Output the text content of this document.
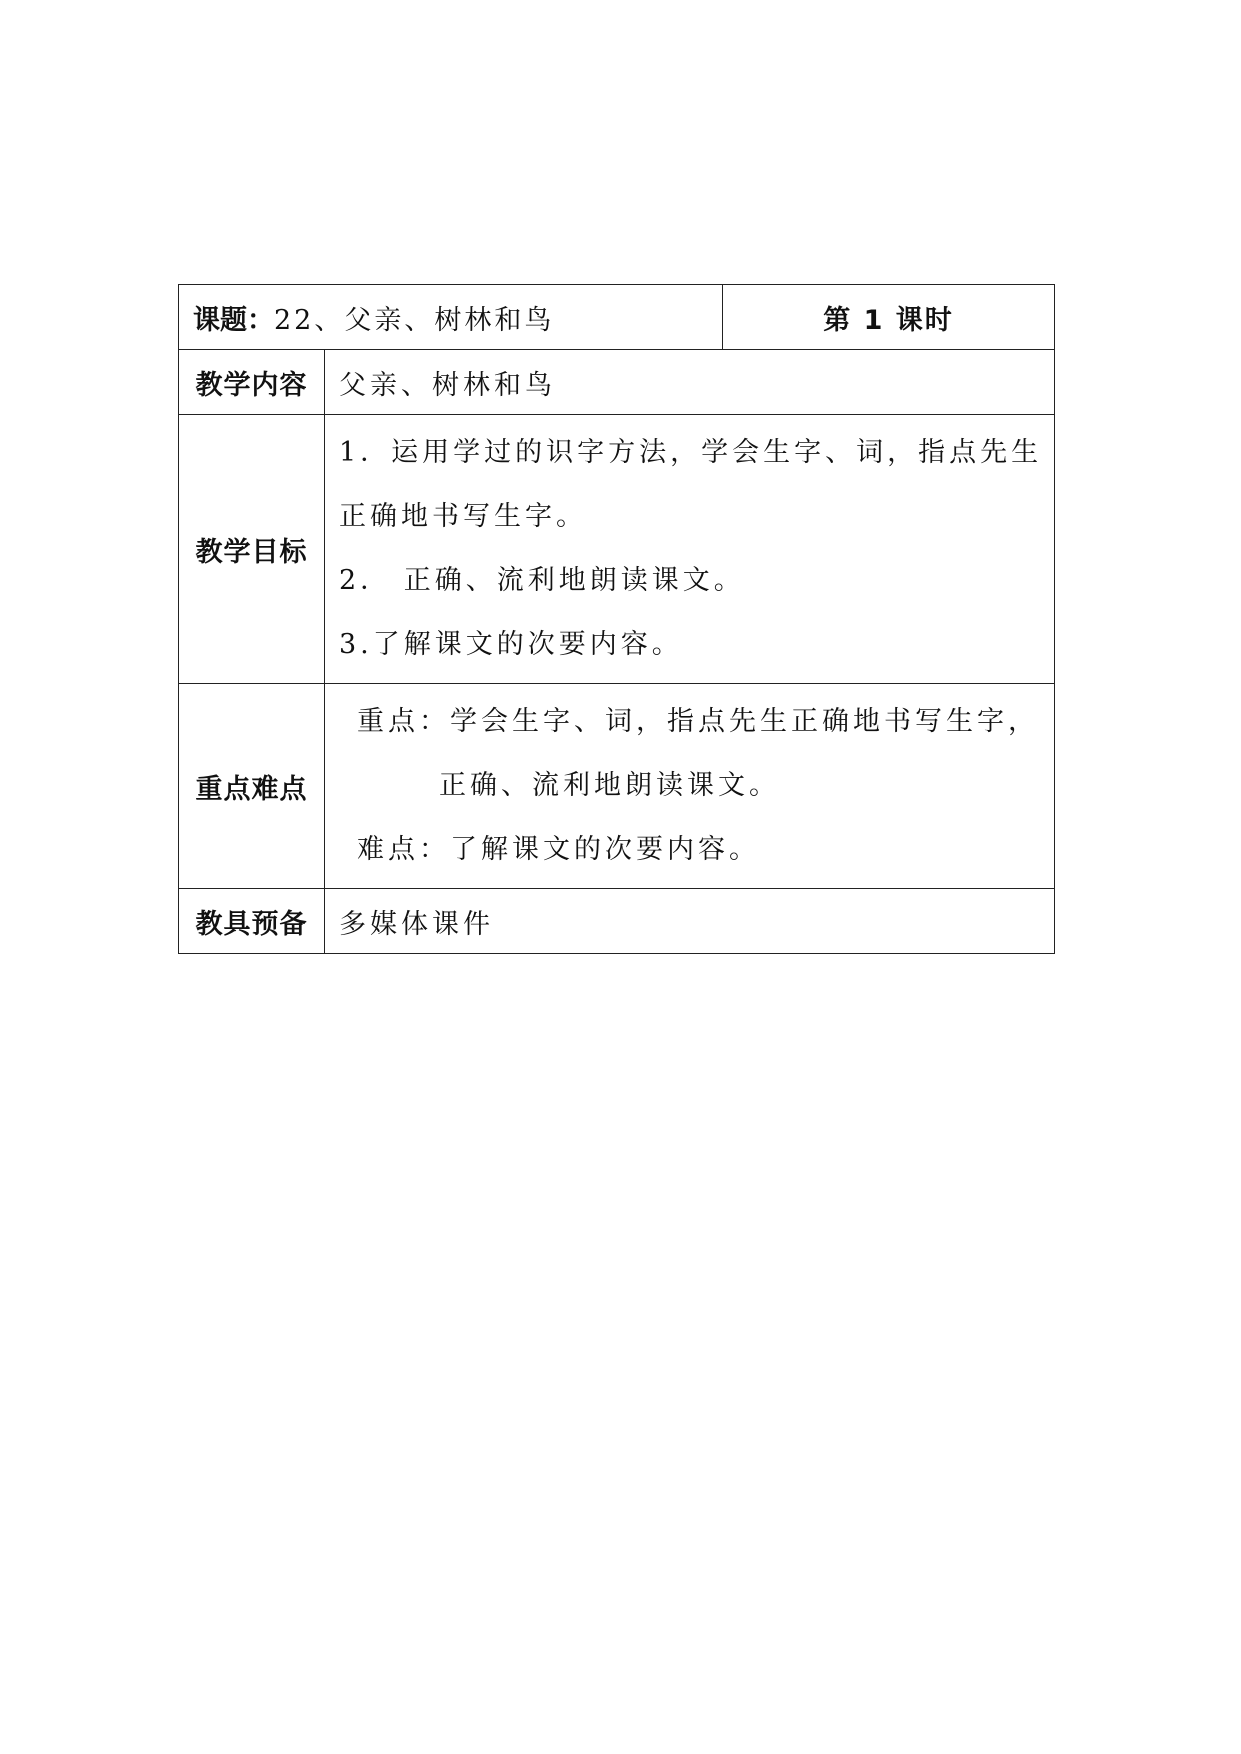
课题：22、父亲、树林和鸟		第 1 课时
教学内容	父亲、树林和鸟	
教学目标	1．运用学过的识字方法，学会生字、词，指点先生正确地书写生字。
2． 正确、流利地朗读课文。
3.了解课文的次要内容。	

重点难点	重点：学会生字、词，指点先生正确地书写生字，正确、流利地朗读课文。
难点：了解课文的次要内容。	

教具预备	多媒体课件	
